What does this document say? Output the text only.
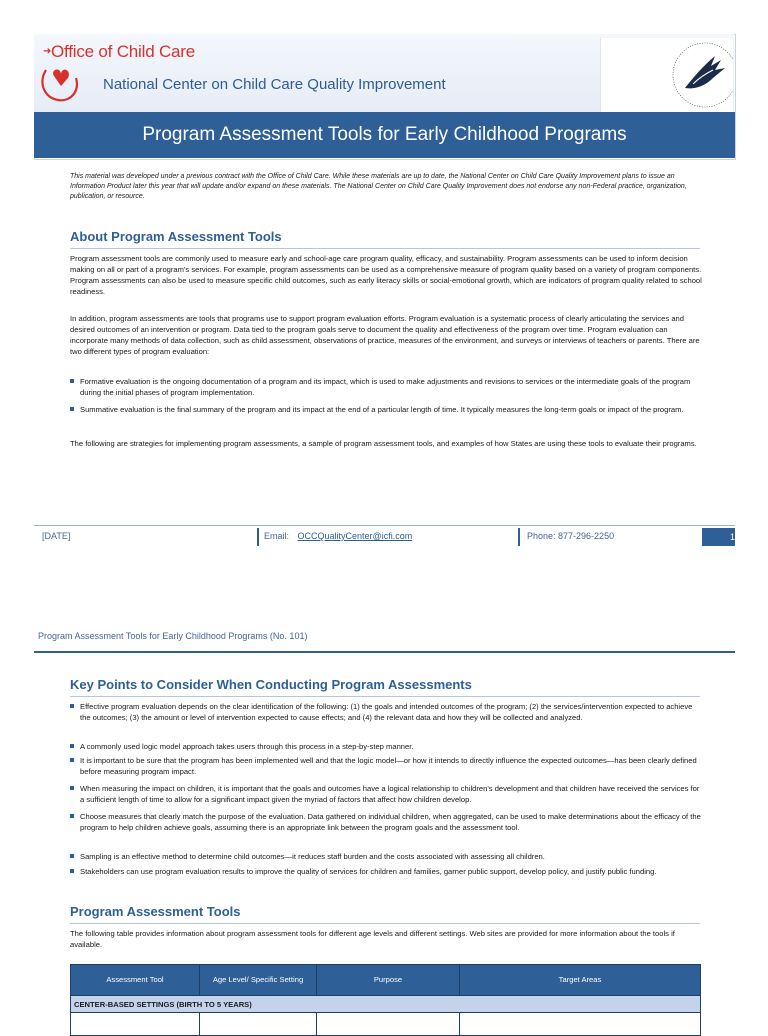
➜ Office of Child Care
National Center on Child Care Quality Improvement
Program Assessment Tools for Early Childhood Programs
This material was developed under a previous contract with the Office of Child Care. While these materials are up to date, the National Center on Child Care Quality Improvement plans to issue an Information Product later this year that will update and/or expand on these materials. The National Center on Child Care Quality Improvement does not endorse any non-Federal practice, organization, publication, or resource.
About Program Assessment Tools
Program assessment tools are commonly used to measure early and school-age care program quality, efficacy, and sustainability. Program assessments can be used to inform decision making on all or part of a program's services. For example, program assessments can be used as a comprehensive measure of program quality based on a variety of program components. Program assessments can also be used to measure specific child outcomes, such as early literacy skills or social-emotional growth, which are indicators of program quality related to school readiness.
In addition, program assessments are tools that programs use to support program evaluation efforts. Program evaluation is a systematic process of clearly articulating the services and desired outcomes of an intervention or program. Data tied to the program goals serve to document the quality and effectiveness of the program over time. Program evaluation can incorporate many methods of data collection, such as child assessment, observations of practice, measures of the environment, and surveys or interviews of teachers or parents. There are two different types of program evaluation:
Formative evaluation is the ongoing documentation of a program and its impact, which is used to make adjustments and revisions to services or the intermediate goals of the program during the initial phases of program implementation.
Summative evaluation is the final summary of the program and its impact at the end of a particular length of time. It typically measures the long-term goals or impact of the program.
The following are strategies for implementing program assessments, a sample of program assessment tools, and examples of how States are using these tools to evaluate their programs.
[DATE]	Email: OCCQualityCenter@icfi.com	Phone: 877-296-2250	1
Program Assessment Tools for Early Childhood Programs (No. 101)
Key Points to Consider When Conducting Program Assessments
Effective program evaluation depends on the clear identification of the following: (1) the goals and intended outcomes of the program; (2) the services/intervention expected to achieve the outcomes; (3) the amount or level of intervention expected to cause effects; and (4) the relevant data and how they will be collected and analyzed.
A commonly used logic model approach takes users through this process in a step-by-step manner.
It is important to be sure that the program has been implemented well and that the logic model—or how it intends to directly influence the expected outcomes—has been clearly defined before measuring program impact.
When measuring the impact on children, it is important that the goals and outcomes have a logical relationship to children's development and that children have received the services for a sufficient length of time to allow for a significant impact given the myriad of factors that affect how children develop.
Choose measures that clearly match the purpose of the evaluation. Data gathered on individual children, when aggregated, can be used to make determinations about the efficacy of the program to help children achieve goals, assuming there is an appropriate link between the program goals and the assessment tool.
Sampling is an effective method to determine child outcomes—it reduces staff burden and the costs associated with assessing all children.
Stakeholders can use program evaluation results to improve the quality of services for children and families, garner public support, develop policy, and justify public funding.
Program Assessment Tools
The following table provides information about program assessment tools for different age levels and different settings. Web sites are provided for more information about the tools if available.
Assessment Tool	Age Level/ Specific Setting	Purpose	Target Areas
CENTER-BASED SETTINGS (BIRTH TO 5 YEARS)			
